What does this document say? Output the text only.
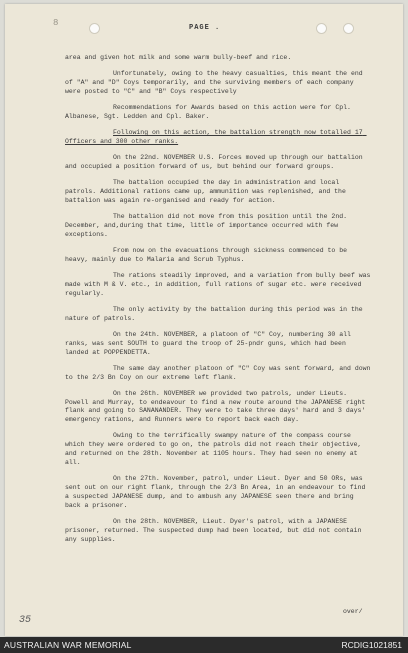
8	PAGE .

area and given hot milk and some warm bully-beef and rice.

Unfortunately, owing to the heavy casualties, this meant the end of "A" and "D" Coys temporarily, and the surviving members of each company were posted to "C" and "B" Coys respectively

Recommendations for Awards based on this action were for Cpl. Albanese, Sgt. Ledden and Cpl. Baker.

Following on this action, the battalion strength now totalled 17 Officers and 300 other ranks.

On the 22nd. NOVEMBER U.S. Forces moved up through our battalion and occupied a position forward of us, but behind our forward groups.

The battalion occupied the day in administration and local patrols. Additional rations came up, ammunition was replenished, and the battalion was again re-organised and ready for action.

The battalion did not move from this position until the 2nd. December, and,during that time, little of importance occurred with few exceptions.

From now on the evacuations through sickness commenced to be heavy, mainly due to Malaria and Scrub Typhus.

The rations steadily improved, and a variation from bully beef was made with M & V. etc., in addition, full rations of sugar etc. were received regularly.

The only activity by the battalion during this period was in the nature of patrols.

On the 24th. NOVEMBER, a platoon of "C" Coy, numbering 30 all ranks, was sent SOUTH to guard the troop of 25-pndr guns, which had been landed at POPPENDETTA.

The same day another platoon of "C" Coy was sent forward, and down to the 2/3 Bn Coy on our extreme left flank.

On the 26th. NOVEMBER we provided two patrols, under Lieuts. Powell and Murray, to endeavour to find a new route around the JAPANESE right flank and going to SANANANDER. They were to take three days' hard and 3 days' emergency rations, and Runners were to report back each day.

Owing to the terrifically swampy nature of the compass course which they were ordered to go on, the patrols did not reach their objective, and returned on the 28th. November at 1105 hours. They had seen no enemy at all.

On the 27th. November, patrol, under Lieut. Dyer and 50 ORs, was sent out on our right flank, through the 2/3 Bn Area, in an endeavour to find a suspected JAPANESE dump, and to ambush any JAPANESE seen there and bring back a prisoner.

On the 28th. NOVEMBER, Lieut. Dyer's patrol, with a JAPANESE prisoner, returned. The suspected dump had been located, but did not contain any supplies.

over/
35
AUSTRALIAN WAR MEMORIAL	RCDIG1021851
